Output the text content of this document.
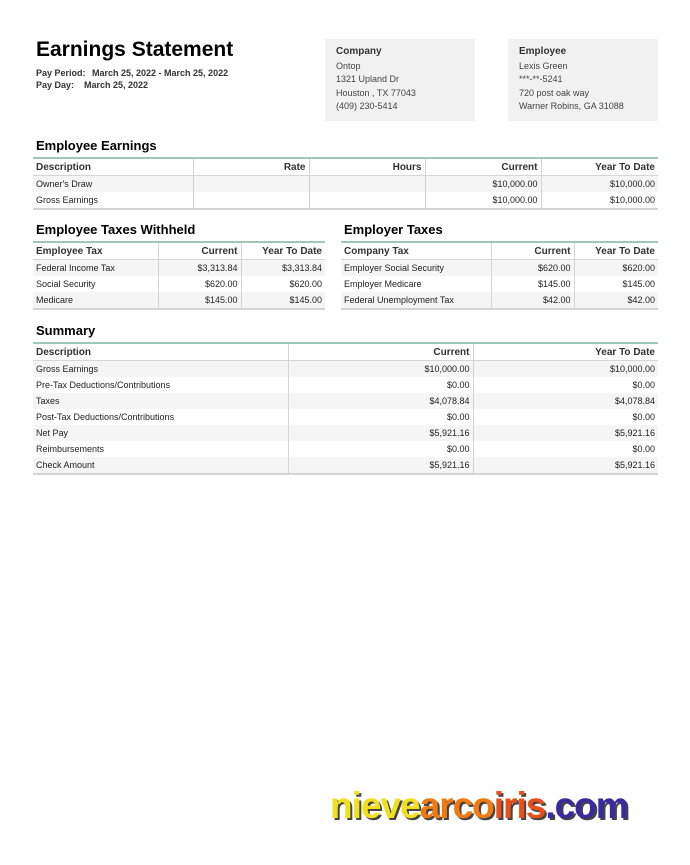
Earnings Statement
Pay Period: March 25, 2022 - March 25, 2022
Pay Day: March 25, 2022
Company
Ontop
1321 Upland Dr
Houston , TX 77043
(409) 230-5414
Employee
Lexis Green
***-**-5241
720 post oak way
Warner Robins, GA 31088
Employee Earnings
Description	Rate	Hours	Current	Year To Date
Owner's Draw			$10,000.00	$10,000.00
Gross Earnings			$10,000.00	$10,000.00
Employee Taxes Withheld
Employee Tax	Current	Year To Date
Federal Income Tax	$3,313.84	$3,313.84
Social Security	$620.00	$620.00
Medicare	$145.00	$145.00
Employer Taxes
Company Tax	Current	Year To Date
Employer Social Security	$620.00	$620.00
Employer Medicare	$145.00	$145.00
Federal Unemployment Tax	$42.00	$42.00
Summary
Description	Current	Year To Date
Gross Earnings	$10,000.00	$10,000.00
Pre-Tax Deductions/Contributions	$0.00	$0.00
Taxes	$4,078.84	$4,078.84
Post-Tax Deductions/Contributions	$0.00	$0.00
Net Pay	$5,921.16	$5,921.16
Reimbursements	$0.00	$0.00
Check Amount	$5,921.16	$5,921.16
nievearcoiris.com
